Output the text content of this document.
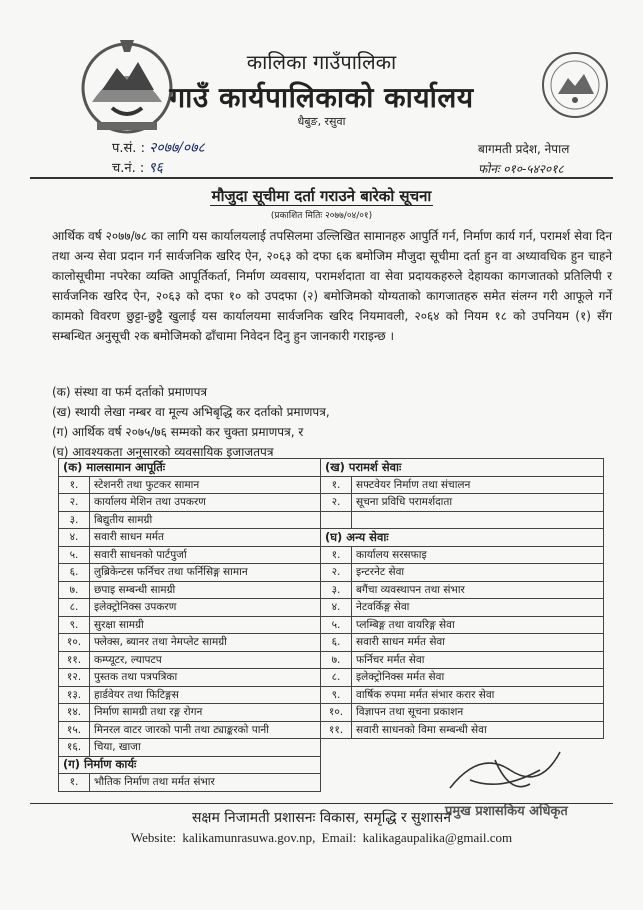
कालिका गाउँपालिका
गाउँ कार्यपालिकाको कार्यालय
धैबुङ, रसुवा
प.सं. : २०७७/०७८
च.नं. : ९६
बागमती प्रदेश, नेपाल
फोनः ०१०-५४२०१८
मौजुदा सूचीमा दर्ता गराउने बारेको सूचना
(प्रकाशित मितिः २०७७/०४/०१)
आर्थिक वर्ष २०७७/७८ का लागि यस कार्यालयलाई तपसिलमा उल्लिखित सामानहरु आपुर्ति गर्न, निर्माण कार्य गर्न, परामर्श सेवा दिन तथा अन्य सेवा प्रदान गर्न सार्वजनिक खरिद ऐन, २०६३ को दफा ६क बमोजिम मौजुदा सूचीमा दर्ता हुन वा अध्यावधिक हुन चाहने कालोसूचीमा नपरेका व्यक्ति आपूर्तिकर्ता, निर्माण व्यवसाय, परामर्शदाता वा सेवा प्रदायकहरुले देहायका कागजातको प्रतिलिपी र सार्वजनिक खरिद ऐन, २०६३ को दफा १० को उपदफा (२) बमोजिमको योग्यताको कागजातहरु समेत संलग्न गरी आफूले गर्ने कामको विवरण छुट्टा-छुट्टै खुलाई यस कार्यालयमा सार्वजनिक खरिद नियमावली, २०६४ को नियम १८ को उपनियम (१) सँग सम्बन्धित अनुसूची २क बमोजिमको ढाँचामा निवेदन दिनु हुन जानकारी गराइन्छ ।
(क) संस्था वा फर्म दर्ताको प्रमाणपत्र
(ख) स्थायी लेखा नम्बर वा मूल्य अभिबृद्धि कर दर्ताको प्रमाणपत्र,
(ग) आर्थिक वर्ष २०७५/७६ सम्मको कर चुक्ता प्रमाणपत्र, र
(घ) आवश्यकता अनुसारको व्यवसायिक इजाजतपत्र
(क) मालसामान आपूर्तिः		(ख) परामर्श सेवाः	
१.	स्टेशनरी तथा फुटकर सामान	१.	सफ्टवेयर निर्माण तथा संचालन
२.	कार्यालय मेशिन तथा उपकरण	२.	सूचना प्रविधि परामर्शदाता
३.	बिद्युतीय सामग्री		
४.	सवारी साधन मर्मत	(घ) अन्य सेवाः	
५.	सवारी साधनको पार्टपुर्जा	१.	कार्यालय सरसफाइ
६.	लुब्रिकेन्टस फर्निचर तथा फर्निसिङ्ग सामान	२.	इन्टरनेट सेवा
७.	छपाइ सम्बन्धी सामग्री	३.	बगैंचा व्यवस्थापन तथा संभार
८.	इलेक्ट्रोनिक्स उपकरण	४.	नेटवर्किङ्ग सेवा
९.	सुरक्षा सामग्री	५.	प्लम्बिङ्ग तथा वायरिङ्ग सेवा
१०.	फ्लेक्स, ब्यानर तथा नेमप्लेट सामग्री	६.	सवारी साधन मर्मत सेवा
११.	कम्प्यूटर, ल्यापटप	७.	फर्निचर मर्मत सेवा
१२.	पुस्तक तथा पत्रपत्रिका	८.	इलेक्ट्रोनिक्स मर्मत सेवा
१३.	हार्डवेयर तथा फिटिङ्गस	९.	वार्षिक रुपमा मर्मत संभार करार सेवा
१४.	निर्माण सामग्री तथा रङ्ग रोगन	१०.	विज्ञापन तथा सूचना प्रकाशन
१५.	मिनरल वाटर जारको पानी तथा ट्याङ्करको पानी	११.	सवारी साधनको विमा सम्बन्धी सेवा
१६.	चिया, खाजा		
(ग) निर्माण कार्यः			
१.	भौतिक निर्माण तथा मर्मत संभार		
प्रमुख प्रशासकिय अधिकृत
सक्षम निजामती प्रशासनः विकास, समृद्धि र सुशासन
Website: kalikamunrasuwa.gov.np, Email: kalikagaupalika@gmail.com
